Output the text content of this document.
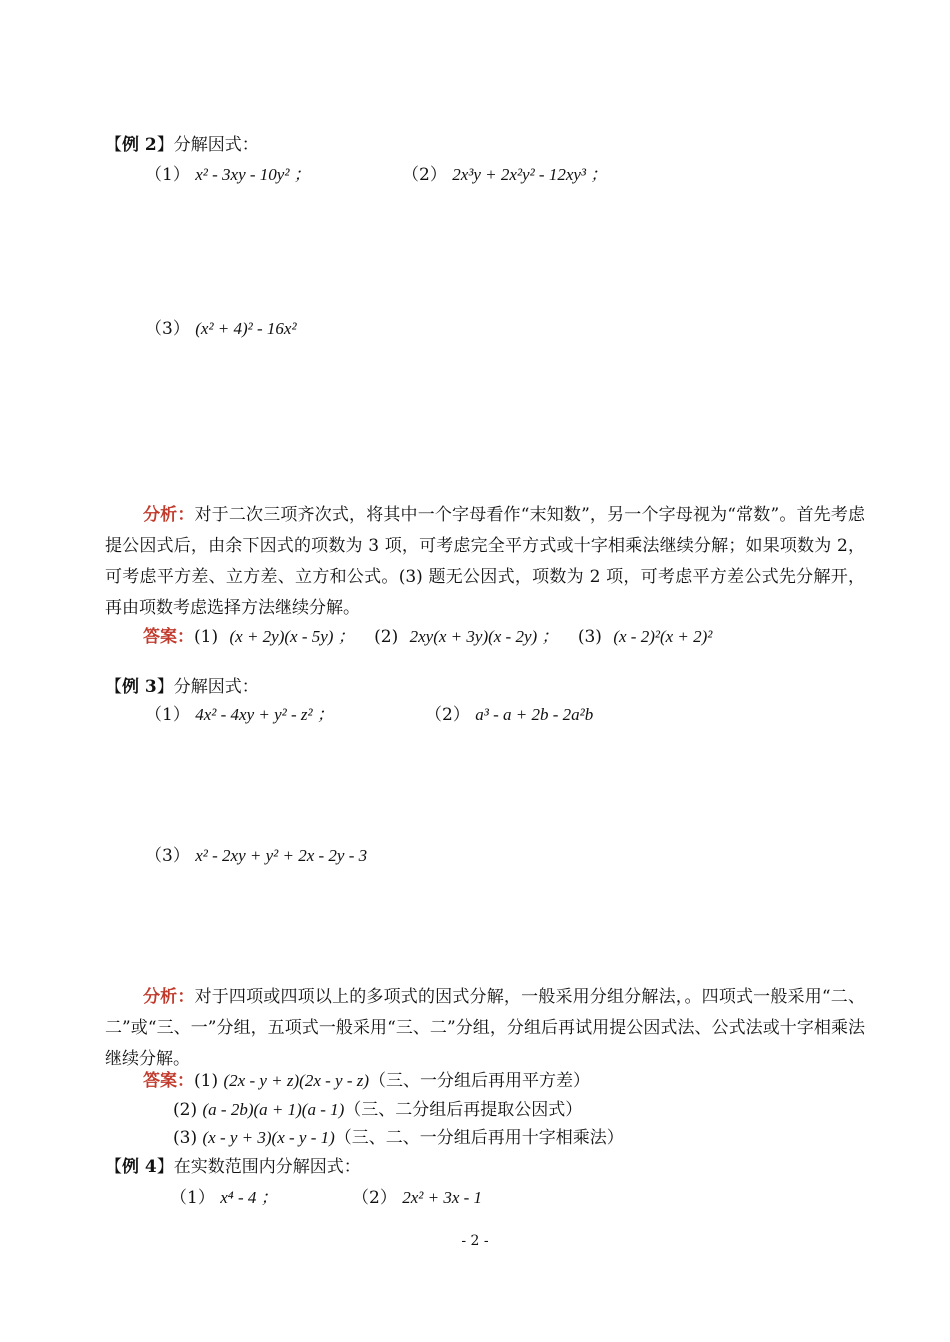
【例 2】分解因式：
（1） x² - 3xy - 10y² ；	（2） 2x³y + 2x²y² - 12xy³ ；
（3） (x² + 4)² - 16x²
分析：对于二次三项齐次式，将其中一个字母看作“末知数”，另一个字母视为“常数”。首先考虑提公因式后，由余下因式的项数为 3 项，可考虑完全平方式或十字相乘法继续分解；如果项数为 2，可考虑平方差、立方差、立方和公式。(3) 题无公因式，项数为 2 项，可考虑平方差公式先分解开，再由项数考虑选择方法继续分解。
答案：(1) (x + 2y)(x - 5y) ； (2) 2xy(x + 3y)(x - 2y) ； (3) (x - 2)²(x + 2)²
【例 3】分解因式：
（1） 4x² - 4xy + y² - z² ；	（2） a³ - a + 2b - 2a²b
（3） x² - 2xy + y² + 2x - 2y - 3
分析：对于四项或四项以上的多项式的因式分解，一般采用分组分解法，。四项式一般采用“二、二”或“三、一”分组，五项式一般采用“三、二”分组，分组后再试用提公因式法、公式法或十字相乘法继续分解。
答案：(1) (2x - y + z)(2x - y - z)（三、一分组后再用平方差）
(2) (a - 2b)(a + 1)(a - 1)（三、二分组后再提取公因式）
(3) (x - y + 3)(x - y - 1)（三、二、一分组后再用十字相乘法）
【例 4】在实数范围内分解因式：
（1） x⁴ - 4 ；	（2） 2x² + 3x - 1
- 2 -
